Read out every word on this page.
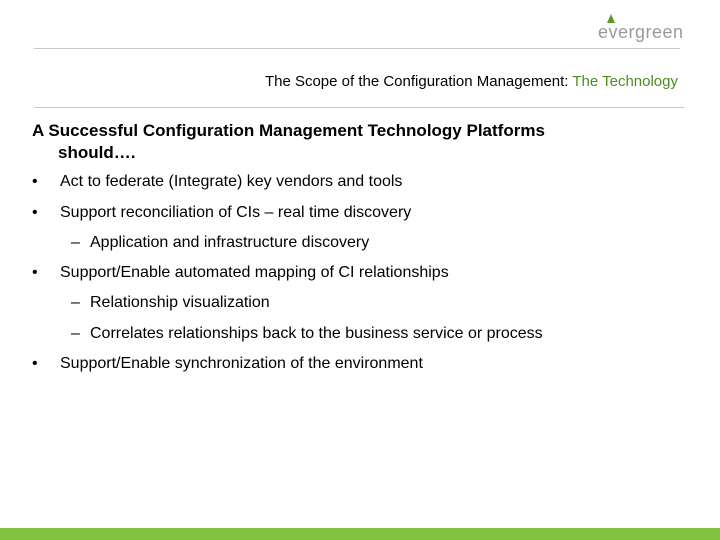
evergreen
The Scope of the Configuration Management: The Technology
A Successful Configuration Management Technology Platforms
should….
• Act to federate (Integrate) key vendors and tools
• Support reconciliation of CIs – real time discovery
– Application and infrastructure discovery
• Support/Enable automated mapping of CI relationships
– Relationship visualization
– Correlates relationships back to the business service or process
• Support/Enable synchronization of the environment
